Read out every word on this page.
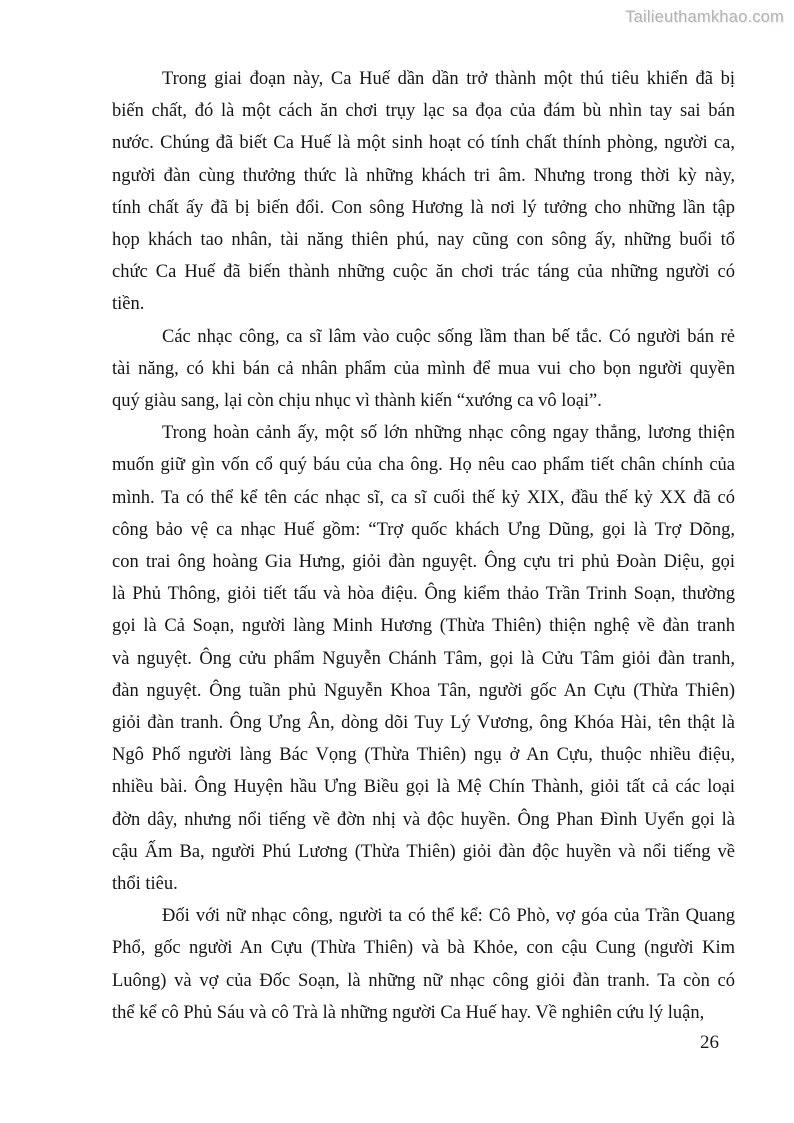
Tailieuthamkhao.com
Trong giai đoạn này, Ca Huế dần dần trở thành một thú tiêu khiển đã bị
biến chất, đó là một cách ăn chơi trụy lạc sa đọa của đám bù nhìn tay sai bán
nước. Chúng đã biết Ca Huế là một sinh hoạt có tính chất thính phòng, người ca,
người đàn cùng thưởng thức là những khách tri âm. Nhưng trong thời kỳ này,
tính chất ấy đã bị biến đổi. Con sông Hương là nơi lý tưởng cho những lần tập
họp khách tao nhân, tài năng thiên phú, nay cũng con sông ấy, những buổi tổ
chức Ca Huế đã biến thành những cuộc ăn chơi trác táng của những người có
tiền.
Các nhạc công, ca sĩ lâm vào cuộc sống lầm than bế tắc. Có người bán rẻ
tài năng, có khi bán cả nhân phẩm của mình để mua vui cho bọn người quyền
quý giàu sang, lại còn chịu nhục vì thành kiến “xướng ca vô loại”.
Trong hoàn cảnh ấy, một số lớn những nhạc công ngay thẳng, lương thiện
muốn giữ gìn vốn cổ quý báu của cha ông. Họ nêu cao phẩm tiết chân chính của
mình. Ta có thể kể tên các nhạc sĩ, ca sĩ cuối thế kỷ XIX, đầu thế kỷ XX đã có
công bảo vệ ca nhạc Huế gồm: “Trợ quốc khách Ưng Dũng, gọi là Trợ Dõng,
con trai ông hoàng Gia Hưng, giỏi đàn nguyệt. Ông cựu tri phủ Đoàn Diệu, gọi
là Phủ Thông, giỏi tiết tấu và hòa điệu. Ông kiểm thảo Trần Trinh Soạn, thường
gọi là Cả Soạn, người làng Minh Hương (Thừa Thiên) thiện nghệ về đàn tranh
và nguyệt. Ông cửu phẩm Nguyễn Chánh Tâm, gọi là Cửu Tâm giỏi đàn tranh,
đàn nguyệt. Ông tuần phủ Nguyễn Khoa Tân, người gốc An Cựu (Thừa Thiên)
giỏi đàn tranh. Ông Ưng Ân, dòng dõi Tuy Lý Vương, ông Khóa Hài, tên thật là
Ngô Phố người làng Bác Vọng (Thừa Thiên) ngụ ở An Cựu, thuộc nhiều điệu,
nhiều bài. Ông Huyện hầu Ưng Biều gọi là Mệ Chín Thành, giỏi tất cả các loại
đờn dây, nhưng nổi tiếng về đờn nhị và độc huyền. Ông Phan Đình Uyển gọi là
cậu Ấm Ba, người Phú Lương (Thừa Thiên) giỏi đàn độc huyền và nổi tiếng về
thổi tiêu.
Đối với nữ nhạc công, người ta có thể kể: Cô Phò, vợ góa của Trần Quang
Phổ, gốc người An Cựu (Thừa Thiên) và bà Khỏe, con cậu Cung (người Kim
Luông) và vợ của Đốc Soạn, là những nữ nhạc công giỏi đàn tranh. Ta còn có
thể kể cô Phủ Sáu và cô Trà là những người Ca Huế hay. Về nghiên cứu lý luận,
26
